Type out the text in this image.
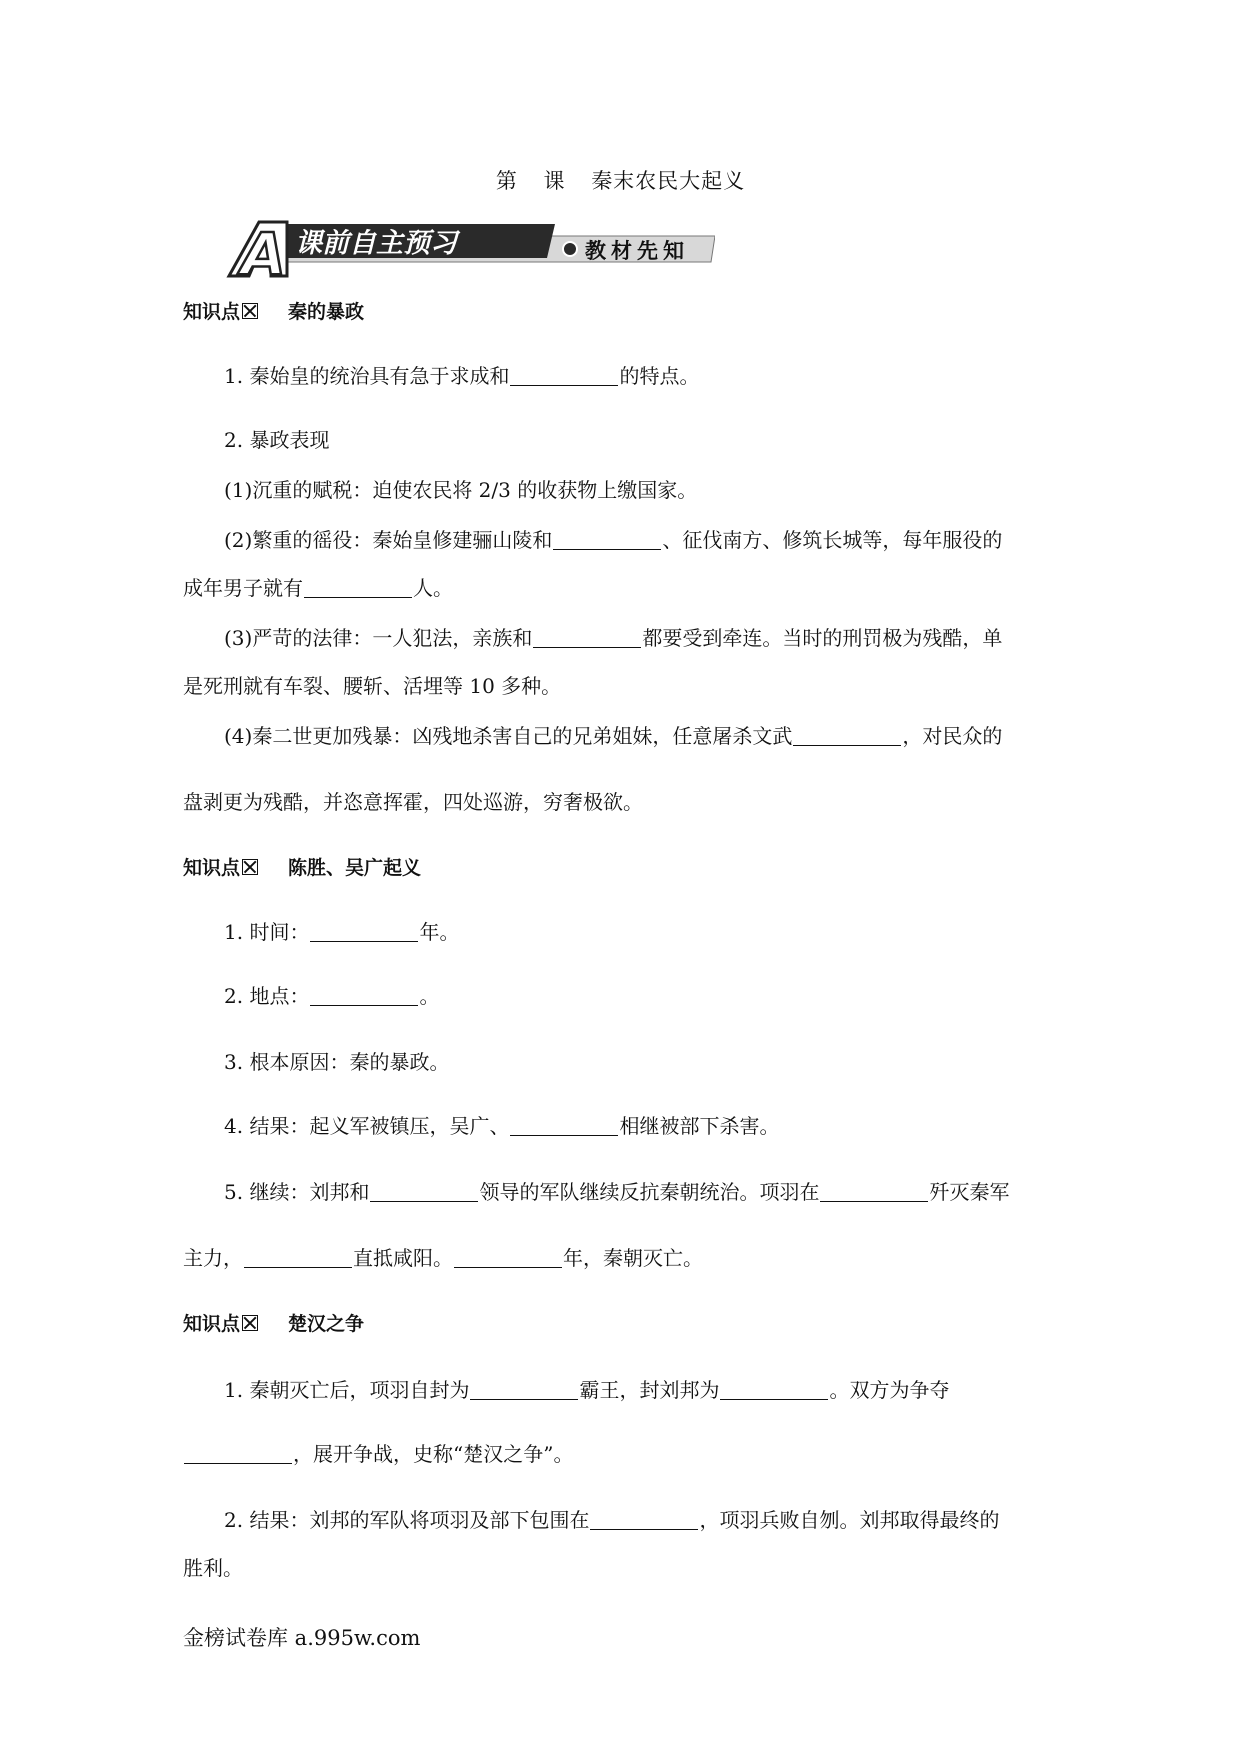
第 课 秦末农民大起义
A 课前自主预习	教材先知
知识点	秦的暴政
1. 秦始皇的统治具有急于求成和	的特点。
2. 暴政表现
(1)沉重的赋税：迫使农民将 2/3 的收获物上缴国家。
(2)繁重的徭役：秦始皇修建骊山陵和	、征伐南方、修筑长城等，每年服役的
成年男子就有	人。
(3)严苛的法律：一人犯法，亲族和	都要受到牵连。当时的刑罚极为残酷，单
是死刑就有车裂、腰斩、活埋等 10 多种。
(4)秦二世更加残暴：凶残地杀害自己的兄弟姐妹，任意屠杀文武	，对民众的
盘剥更为残酷，并恣意挥霍，四处巡游，穷奢极欲。
知识点	陈胜、吴广起义
1. 时间：	年。
2. 地点：	。
3. 根本原因：秦的暴政。
4. 结果：起义军被镇压，吴广、	相继被部下杀害。
5. 继续：刘邦和	领导的军队继续反抗秦朝统治。项羽在	歼灭秦军
主力，	直抵咸阳。	年，秦朝灭亡。
知识点	楚汉之争
1. 秦朝灭亡后，项羽自封为	霸王，封刘邦为	。双方为争夺
，展开争战，史称“楚汉之争”。
2. 结果：刘邦的军队将项羽及部下包围在	，项羽兵败自刎。刘邦取得最终的
胜利。
金榜试卷库 a.995w.com
